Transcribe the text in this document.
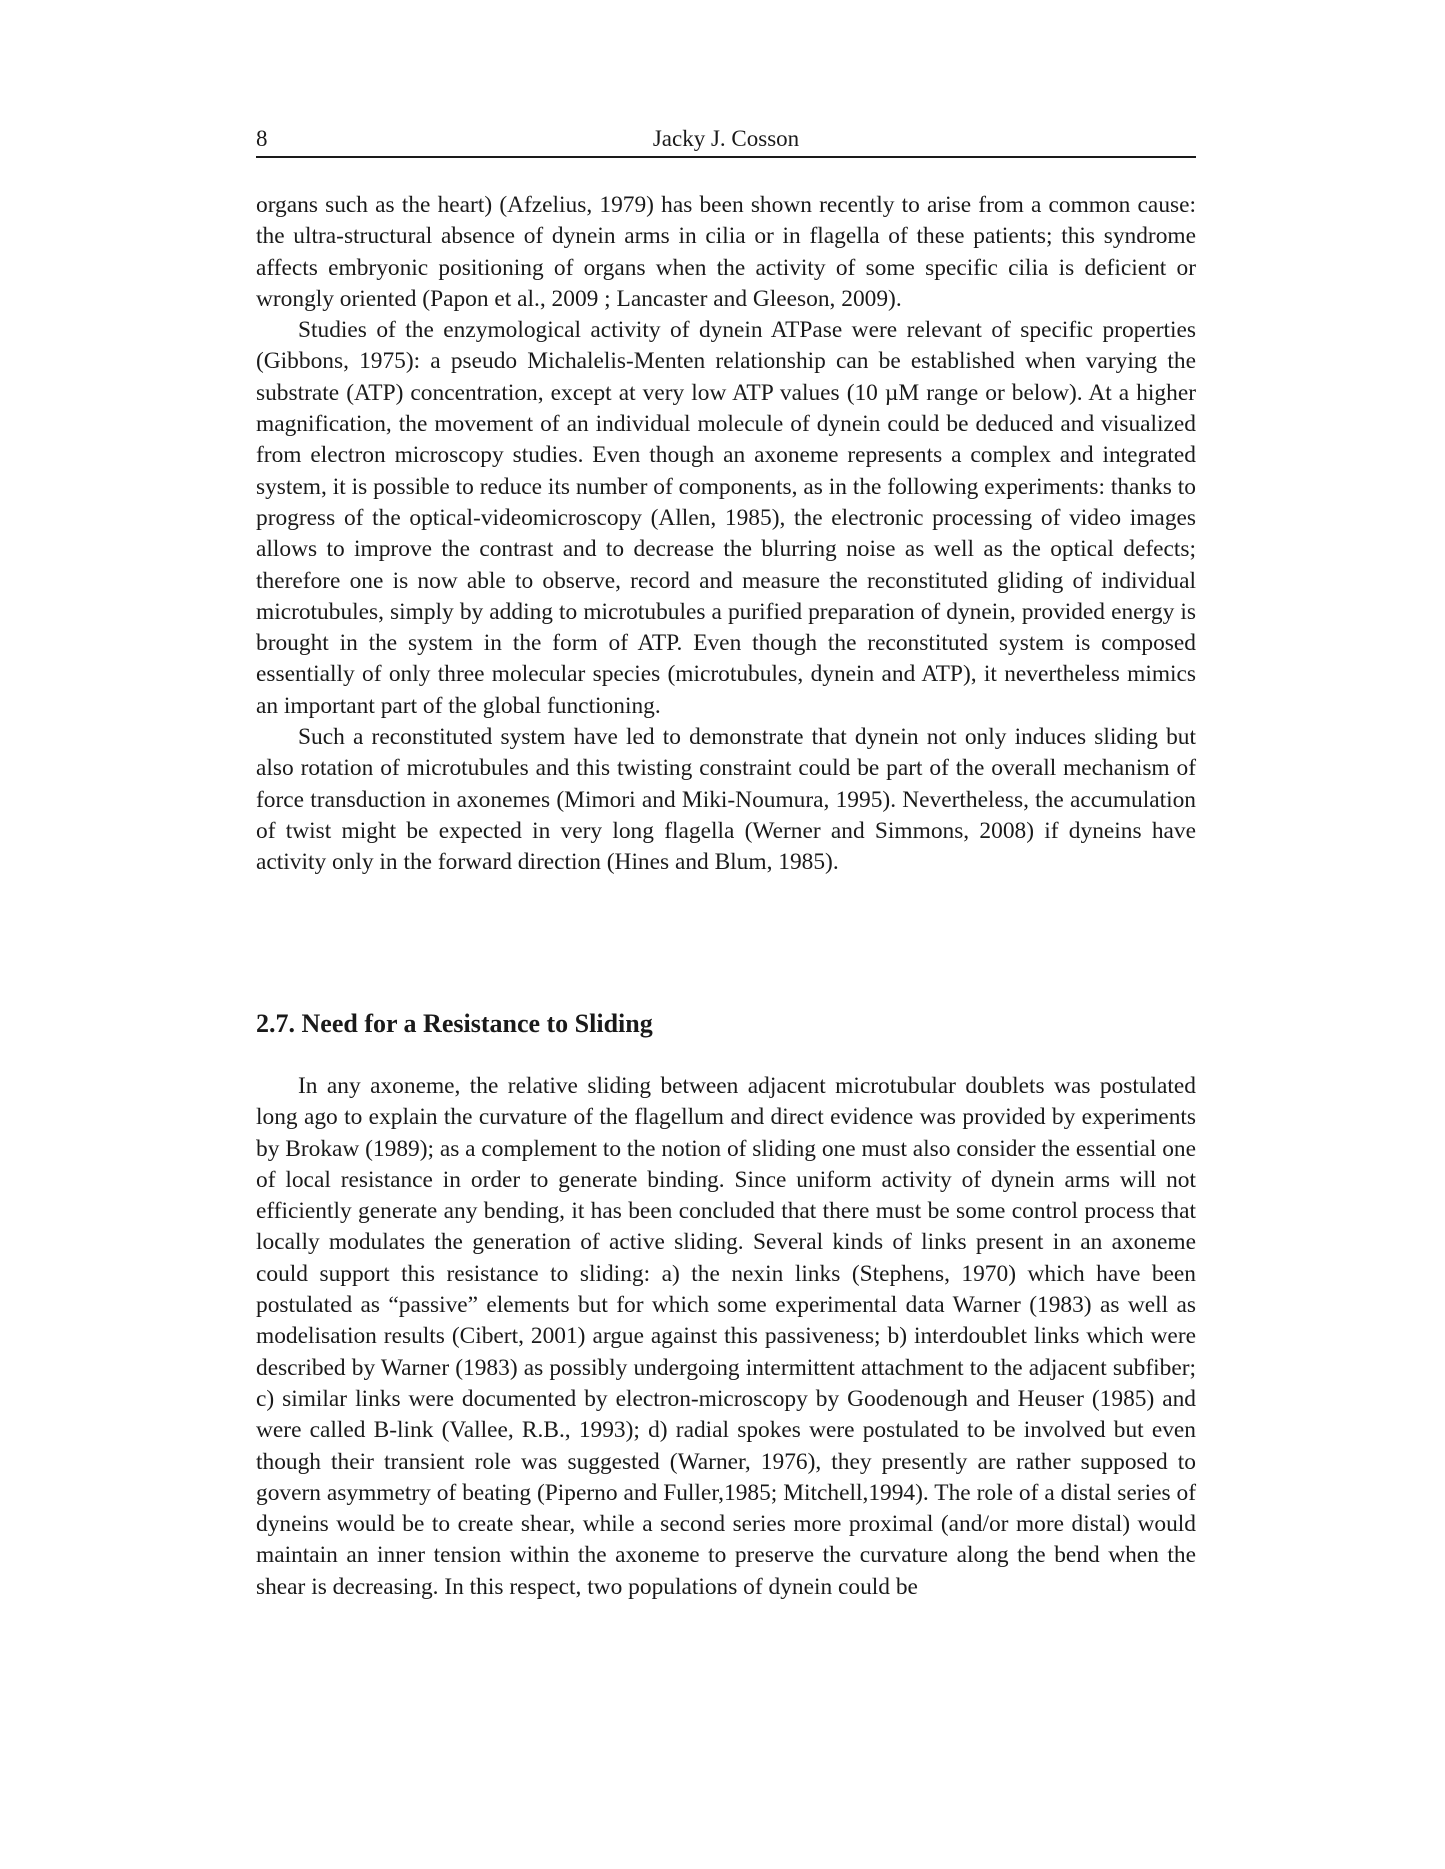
8	Jacky J. Cosson

organs such as the heart) (Afzelius, 1979) has been shown recently to arise from a common cause: the ultra-structural absence of dynein arms in cilia or in flagella of these patients; this syndrome affects embryonic positioning of organs when the activity of some specific cilia is deficient or wrongly oriented (Papon et al., 2009 ; Lancaster and Gleeson, 2009).

Studies of the enzymological activity of dynein ATPase were relevant of specific properties (Gibbons, 1975): a pseudo Michalelis-Menten relationship can be established when varying the substrate (ATP) concentration, except at very low ATP values (10 µM range or below). At a higher magnification, the movement of an individual molecule of dynein could be deduced and visualized from electron microscopy studies. Even though an axoneme represents a complex and integrated system, it is possible to reduce its number of components, as in the following experiments: thanks to progress of the optical-videomicroscopy (Allen, 1985), the electronic processing of video images allows to improve the contrast and to decrease the blurring noise as well as the optical defects; therefore one is now able to observe, record and measure the reconstituted gliding of individual microtubules, simply by adding to microtubules a purified preparation of dynein, provided energy is brought in the system in the form of ATP. Even though the reconstituted system is composed essentially of only three molecular species (microtubules, dynein and ATP), it nevertheless mimics an important part of the global functioning.

Such a reconstituted system have led to demonstrate that dynein not only induces sliding but also rotation of microtubules and this twisting constraint could be part of the overall mechanism of force transduction in axonemes (Mimori and Miki-Noumura, 1995). Nevertheless, the accumulation of twist might be expected in very long flagella (Werner and Simmons, 2008) if dyneins have activity only in the forward direction (Hines and Blum, 1985).

2.7. Need for a Resistance to Sliding

In any axoneme, the relative sliding between adjacent microtubular doublets was postulated long ago to explain the curvature of the flagellum and direct evidence was provided by experiments by Brokaw (1989); as a complement to the notion of sliding one must also consider the essential one of local resistance in order to generate binding. Since uniform activity of dynein arms will not efficiently generate any bending, it has been concluded that there must be some control process that locally modulates the generation of active sliding. Several kinds of links present in an axoneme could support this resistance to sliding: a) the nexin links (Stephens, 1970) which have been postulated as “passive” elements but for which some experimental data Warner (1983) as well as modelisation results (Cibert, 2001) argue against this passiveness; b) interdoublet links which were described by Warner (1983) as possibly undergoing intermittent attachment to the adjacent subfiber; c) similar links were documented by electron-microscopy by Goodenough and Heuser (1985) and were called B-link (Vallee, R.B., 1993); d) radial spokes were postulated to be involved but even though their transient role was suggested (Warner, 1976), they presently are rather supposed to govern asymmetry of beating (Piperno and Fuller,1985; Mitchell,1994). The role of a distal series of dyneins would be to create shear, while a second series more proximal (and/or more distal) would maintain an inner tension within the axoneme to preserve the curvature along the bend when the shear is decreasing. In this respect, two populations of dynein could be
